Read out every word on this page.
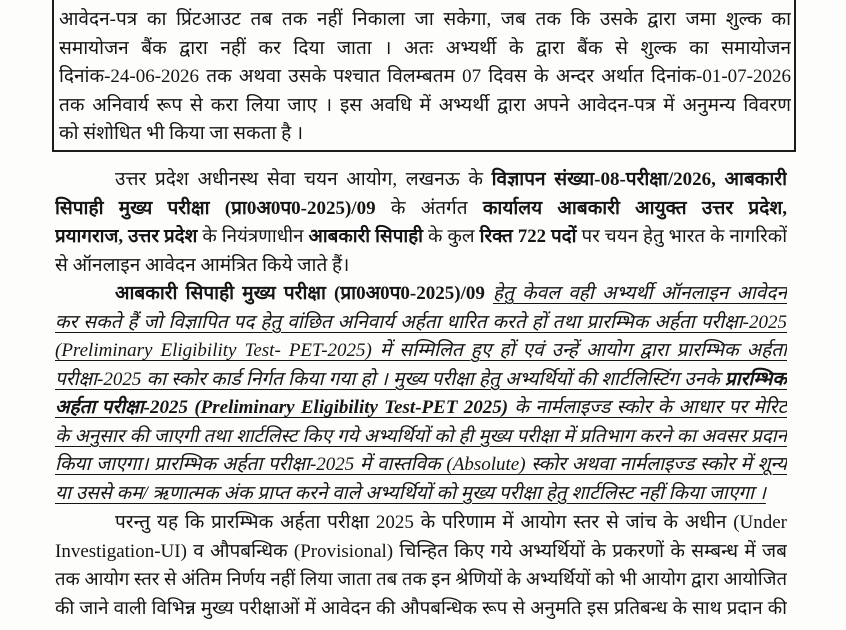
आवेदन-पत्र का प्रिंटआउट तब तक नहीं निकाला जा सकेगा, जब तक कि उसके द्वारा जमा शुल्क का
समायोजन बैंक द्वारा नहीं कर दिया जाता । अतः अभ्यर्थी के द्वारा बैंक से शुल्क का समायोजन
दिनांक-24-06-2026 तक अथवा उसके पश्चात विलम्बतम 07 दिवस के अन्दर अर्थात दिनांक-01-07-2026
तक अनिवार्य रूप से करा लिया जाए । इस अवधि में अभ्यर्थी द्वारा अपने आवेदन-पत्र में अनुमन्य विवरण
को संशोधित भी किया जा सकता है ।
उत्तर प्रदेश अधीनस्थ सेवा चयन आयोग, लखनऊ के विज्ञापन संख्या-08-परीक्षा/2026, आबकारी
सिपाही मुख्य परीक्षा (प्रा0अ0प0-2025)/09 के अंतर्गत कार्यालय आबकारी आयुक्त उत्तर प्रदेश,
प्रयागराज, उत्तर प्रदेश के नियंत्रणाधीन आबकारी सिपाही के कुल रिक्त 722 पदों पर चयन हेतु भारत के नागरिकों
से ऑनलाइन आवेदन आमंत्रित किये जाते हैं।
आबकारी सिपाही मुख्य परीक्षा (प्रा0अ0प0-2025)/09 हेतु केवल वही अभ्यर्थी ऑनलाइन आवेदन
कर सकते हैं जो विज्ञापित पद हेतु वांछित अनिवार्य अर्हता धारित करते हों तथा प्रारम्भिक अर्हता परीक्षा-2025
(Preliminary Eligibility Test- PET-2025) में सम्मिलित हुए हों एवं उन्हें आयोग द्वारा प्रारम्भिक अर्हता
परीक्षा-2025 का स्कोर कार्ड निर्गत किया गया हो । मुख्य परीक्षा हेतु अभ्यर्थियों की शार्टलिस्टिंग उनके प्रारम्भिक
अर्हता परीक्षा-2025 (Preliminary Eligibility Test-PET 2025) के नार्मलाइज्ड स्कोर के आधार पर मेरिट
के अनुसार की जाएगी तथा शार्टलिस्ट किए गये अभ्यर्थियों को ही मुख्य परीक्षा में प्रतिभाग करने का अवसर प्रदान
किया जाएगा। प्रारम्भिक अर्हता परीक्षा-2025 में वास्तविक (Absolute) स्कोर अथवा नार्मलाइज्ड स्कोर में शून्य
या उससे कम/ ऋणात्मक अंक प्राप्त करने वाले अभ्यर्थियों को मुख्य परीक्षा हेतु शार्टलिस्ट नहीं किया जाएगा ।
परन्तु यह कि प्रारम्भिक अर्हता परीक्षा 2025 के परिणाम में आयोग स्तर से जांच के अधीन (Under
Investigation-UI) व औपबन्धिक (Provisional) चिन्हित किए गये अभ्यर्थियों के प्रकरणों के सम्बन्ध में जब
तक आयोग स्तर से अंतिम निर्णय नहीं लिया जाता तब तक इन श्रेणियों के अभ्यर्थियों को भी आयोग द्वारा आयोजित
की जाने वाली विभिन्न मुख्य परीक्षाओं में आवेदन की औपबन्धिक रूप से अनुमति इस प्रतिबन्ध के साथ प्रदान की
